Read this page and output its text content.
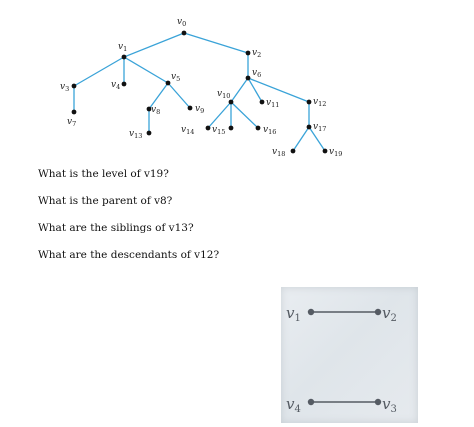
$v_0$
$v_1$	$v_2$
$v_3$	$v_4$
$v_5$
$v_6$
$v_7$
$v_8$	$v_9$
$v_{10}$
$v_{11}$	$v_{12}$
$v_{13}$
$v_{14}$ $v_{15}$	$v_{16}$	$v_{17}$
$v_{18}$	$v_{19}$
What is the level of v19?
What is the parent of v8?
What are the siblings of v13?
What are the descendants of v12?
$v_1$	$v_2$
$v_4$	$v_3$
